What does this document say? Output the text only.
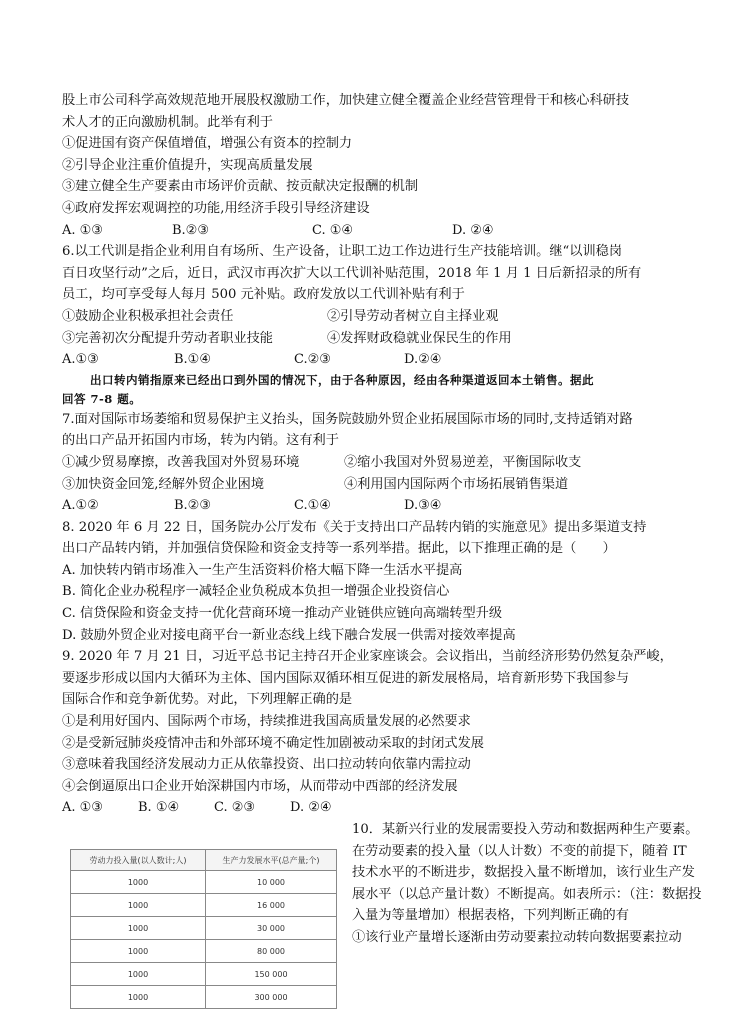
股上市公司科学高效规范地开展股权激励工作，加快建立健全覆盖企业经营管理骨干和核心科研技
术人才的正向激励机制。此举有利于
①促进国有资产保值增值，增强公有资本的控制力
②引导企业注重价值提升，实现高质量发展
③建立健全生产要素由市场评价贡献、按贡献决定报酬的机制
④政府发挥宏观调控的功能,用经济手段引导经济建设
A. ①③	B.②③	C. ①④	D. ②④
6.以工代训是指企业利用自有场所、生产设备，让职工边工作边进行生产技能培训。继“以训稳岗
百日攻坚行动”之后，近日，武汉市再次扩大以工代训补贴范围，2018 年 1 月 1 日后新招录的所有
员工，均可享受每人每月 500 元补贴。政府发放以工代训补贴有利于
①鼓励企业积极承担社会责任	②引导劳动者树立自主择业观
③完善初次分配提升劳动者职业技能	④发挥财政稳就业保民生的作用
A.①③	B.①④	C.②③	D.②④
出口转内销指原来已经出口到外国的情况下，由于各种原因，经由各种渠道返回本土销售。据此
回答 7-8 题。
7.面对国际市场萎缩和贸易保护主义抬头，国务院鼓励外贸企业拓展国际市场的同时,支持适销对路
的出口产品开拓国内市场，转为内销。这有利于
①减少贸易摩擦，改善我国对外贸易环境	②缩小我国对外贸易逆差，平衡国际收支
③加快资金回笼,经解外贸企业困境	④利用国内国际两个市场拓展销售渠道
A.①②	B.②③	C.①④	D.③④
8. 2020 年 6 月 22 日，国务院办公厅发布《关于支持出口产品转内销的实施意见》提出多渠道支持
出口产品转内销，并加强信贷保险和资金支持等一系列举措。据此，以下推理正确的是（　　）
A. 加快转内销市场准入一生产生活资料价格大幅下降一生活水平提高
B. 简化企业办税程序一减轻企业负税成本负担一增强企业投资信心
C. 信贷保险和资金支持一优化营商环境一推动产业链供应链向高端转型升级
D. 鼓励外贸企业对接电商平台一新业态线上线下融合发展一供需对接效率提高
9. 2020 年 7 月 21 日，习近平总书记主持召开企业家座谈会。会议指出，当前经济形势仍然复杂严峻，
要逐步形成以国内大循环为主体、国内国际双循环相互促进的新发展格局，培育新形势下我国参与
国际合作和竞争新优势。对此，下列理解正确的是
①是利用好国内、国际两个市场，持续推进我国高质量发展的必然要求
②是受新冠肺炎疫情冲击和外部环境不确定性加剧被动采取的封闭式发展
③意味着我国经济发展动力正从依靠投资、出口拉动转向依靠内需拉动
④会倒逼原出口企业开始深耕国内市场，从而带动中西部的经济发展
A. ①③	B. ①④	C. ②③	D. ②④
劳动力投入量(以人数计;人)	生产力发展水平(总产量;个)
1000	10 000
1000	16 000
1000	30 000
1000	80 000
1000	150 000
1000	300 000
10．某新兴行业的发展需要投入劳动和数据两种生产要素。在劳动要素的投入量（以人计数）不变的前提下，随着 IT 技术水平的不断进步，数据投入量不断增加，该行业生产发展水平（以总产量计数）不断提高。如表所示：（注：数据投入量为等量增加）根据表格，下列判断正确的有
①该行业产量增长逐渐由劳动要素拉动转向数据要素拉动
